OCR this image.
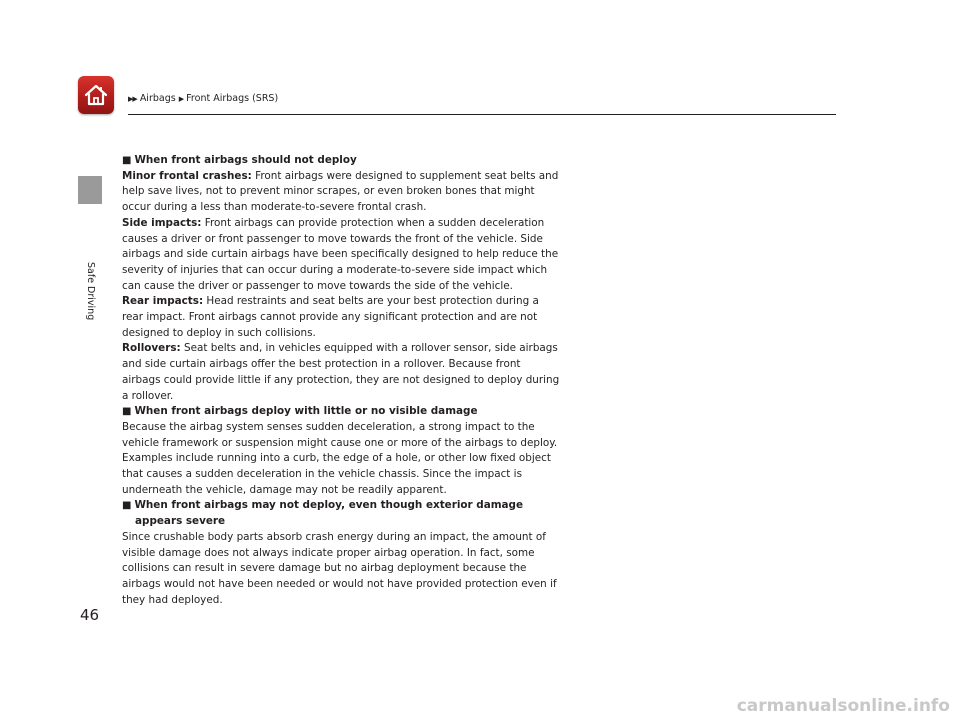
▶▶ Airbags ▶ Front Airbags (SRS)
Safe Driving

■ When front airbags should not deploy

Minor frontal crashes: Front airbags were designed to supplement seat belts and help save lives, not to prevent minor scrapes, or even broken bones that might occur during a less than moderate-to-severe frontal crash.

Side impacts: Front airbags can provide protection when a sudden deceleration causes a driver or front passenger to move towards the front of the vehicle. Side airbags and side curtain airbags have been specifically designed to help reduce the severity of injuries that can occur during a moderate-to-severe side impact which can cause the driver or passenger to move towards the side of the vehicle.

Rear impacts: Head restraints and seat belts are your best protection during a rear impact. Front airbags cannot provide any significant protection and are not designed to deploy in such collisions.

Rollovers: Seat belts and, in vehicles equipped with a rollover sensor, side airbags and side curtain airbags offer the best protection in a rollover. Because front airbags could provide little if any protection, they are not designed to deploy during a rollover.

■ When front airbags deploy with little or no visible damage

Because the airbag system senses sudden deceleration, a strong impact to the vehicle framework or suspension might cause one or more of the airbags to deploy. Examples include running into a curb, the edge of a hole, or other low fixed object that causes a sudden deceleration in the vehicle chassis. Since the impact is underneath the vehicle, damage may not be readily apparent.

■ When front airbags may not deploy, even though exterior damage
appears severe

Since crushable body parts absorb crash energy during an impact, the amount of visible damage does not always indicate proper airbag operation. In fact, some collisions can result in severe damage but no airbag deployment because the airbags would not have been needed or would not have provided protection even if they had deployed.

46
carmanualsonline.info
